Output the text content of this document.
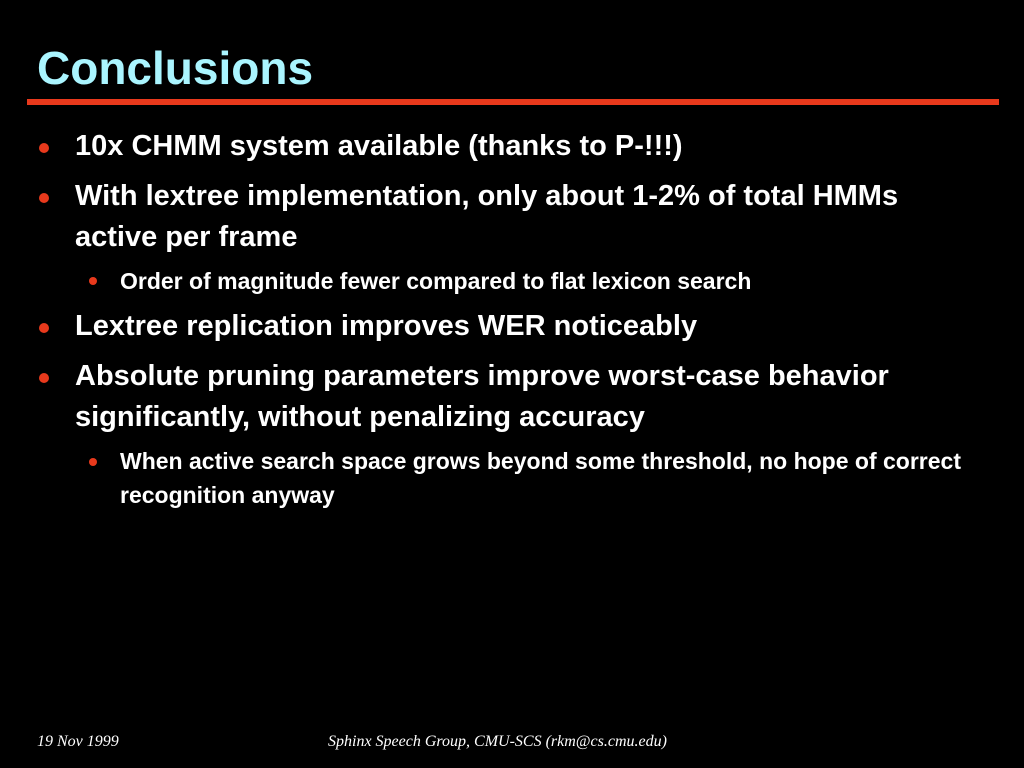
Conclusions
10x CHMM system available (thanks to P-!!!)
With lextree implementation, only about 1-2% of total HMMs active per frame
Order of magnitude fewer compared to flat lexicon search
Lextree replication improves WER noticeably
Absolute pruning parameters improve worst-case behavior significantly, without penalizing accuracy
When active search space grows beyond some threshold, no hope of correct recognition anyway
19 Nov 1999	Sphinx Speech Group, CMU-SCS (rkm@cs.cmu.edu)
